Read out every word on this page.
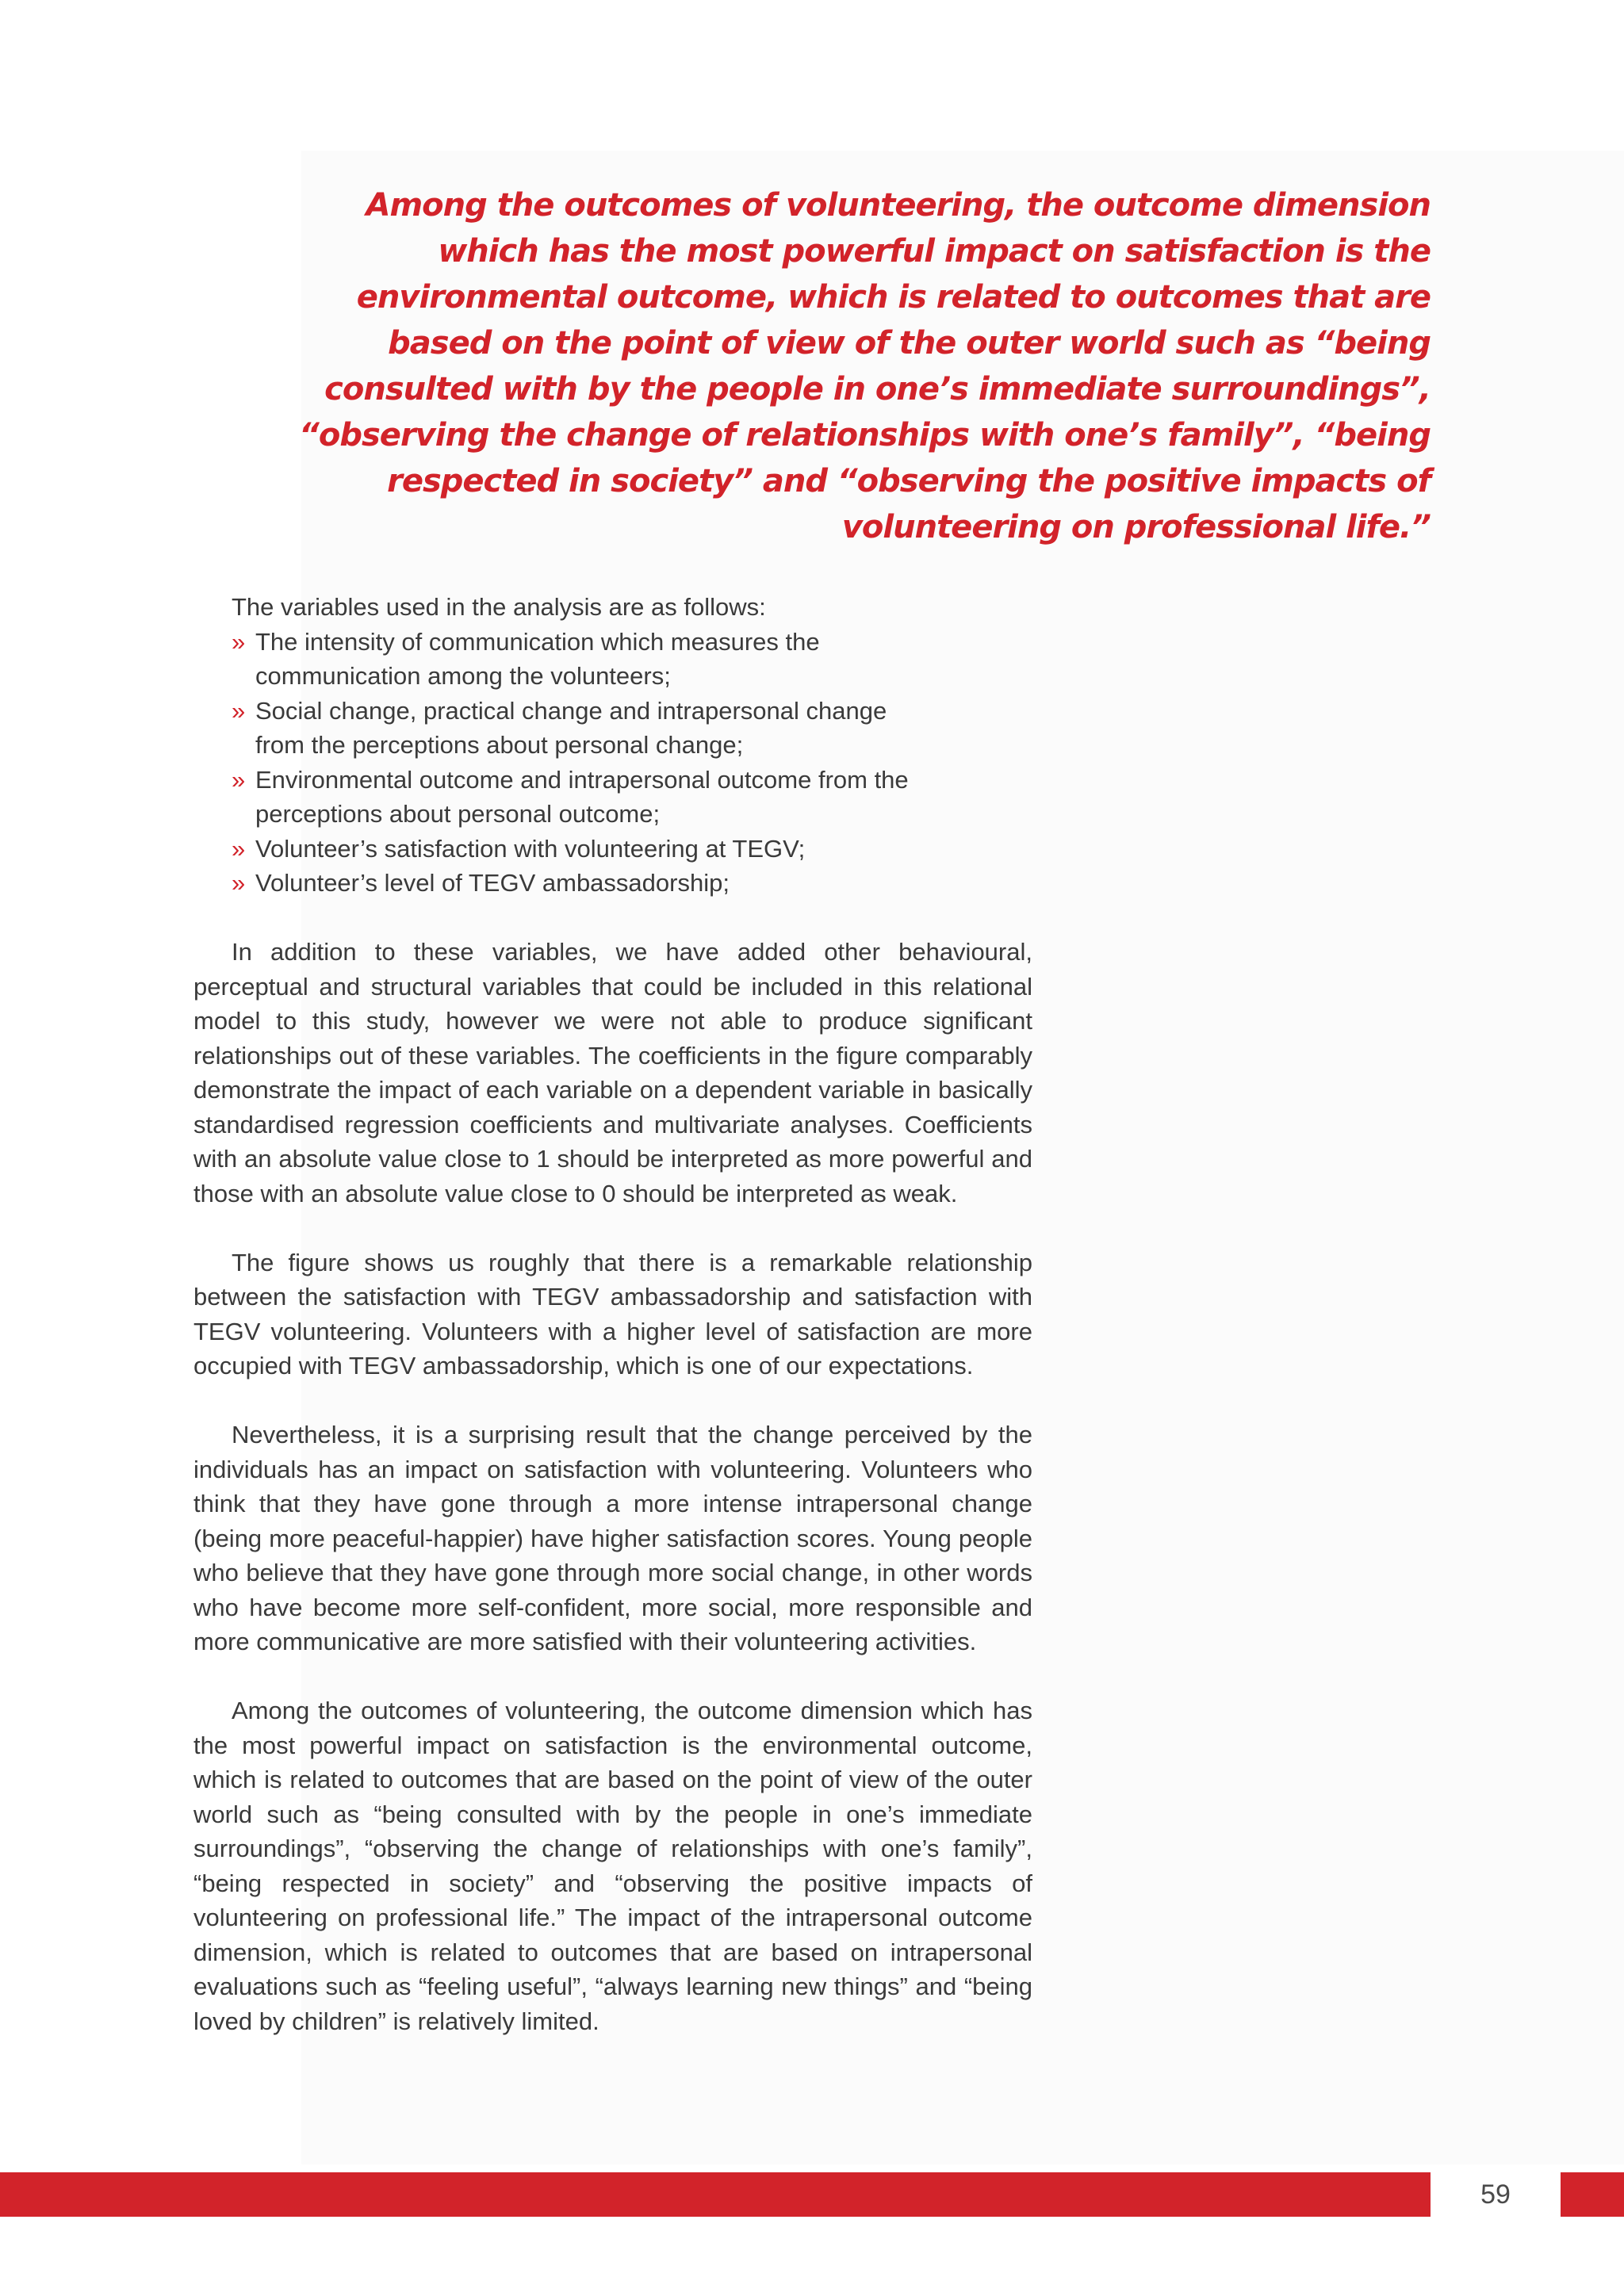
Among the outcomes of volunteering, the outcome dimension which has the most powerful impact on satisfaction is the environmental outcome, which is related to outcomes that are based on the point of view of the outer world such as “being consulted with by the people in one’s immediate surroundings”, “observing the change of relationships with one’s family”, “being respected in society” and “observing the positive impacts of volunteering on professional life.”

The variables used in the analysis are as follows:

» The intensity of communication which measures the communication among the volunteers;
» Social change, practical change and intrapersonal change from the perceptions about personal change;
» Environmental outcome and intrapersonal outcome from the perceptions about personal outcome;
» Volunteer’s satisfaction with volunteering at TEGV;
» Volunteer’s level of TEGV ambassadorship;

In addition to these variables, we have added other behavioural, perceptual and structural variables that could be included in this relational model to this study, however we were not able to produce significant relationships out of these variables. The coefficients in the figure comparably demonstrate the impact of each variable on a dependent variable in basically standardised regression coefficients and multivariate analyses. Coefficients with an absolute value close to 1 should be interpreted as more powerful and those with an absolute value close to 0 should be interpreted as weak.

The figure shows us roughly that there is a remarkable relationship between the satisfaction with TEGV ambassadorship and satisfaction with TEGV volunteering. Volunteers with a higher level of satisfaction are more occupied with TEGV ambassadorship, which is one of our expectations.

Nevertheless, it is a surprising result that the change perceived by the individuals has an impact on satisfaction with volunteering. Volunteers who think that they have gone through a more intense intrapersonal change (being more peaceful-happier) have higher satisfaction scores. Young people who believe that they have gone through more social change, in other words who have become more self-confident, more social, more responsible and more communicative are more satisfied with their volunteering activities.

Among the outcomes of volunteering, the outcome dimension which has the most powerful impact on satisfaction is the environmental outcome, which is related to outcomes that are based on the point of view of the outer world such as “being consulted with by the people in one’s immediate surroundings”, “observing the change of relationships with one’s family”, “being respected in society” and “observing the positive impacts of volunteering on professional life.” The impact of the intrapersonal outcome dimension, which is related to outcomes that are based on intrapersonal evaluations such as “feeling useful”, “always learning new things” and “being loved by children” is relatively limited.

59
